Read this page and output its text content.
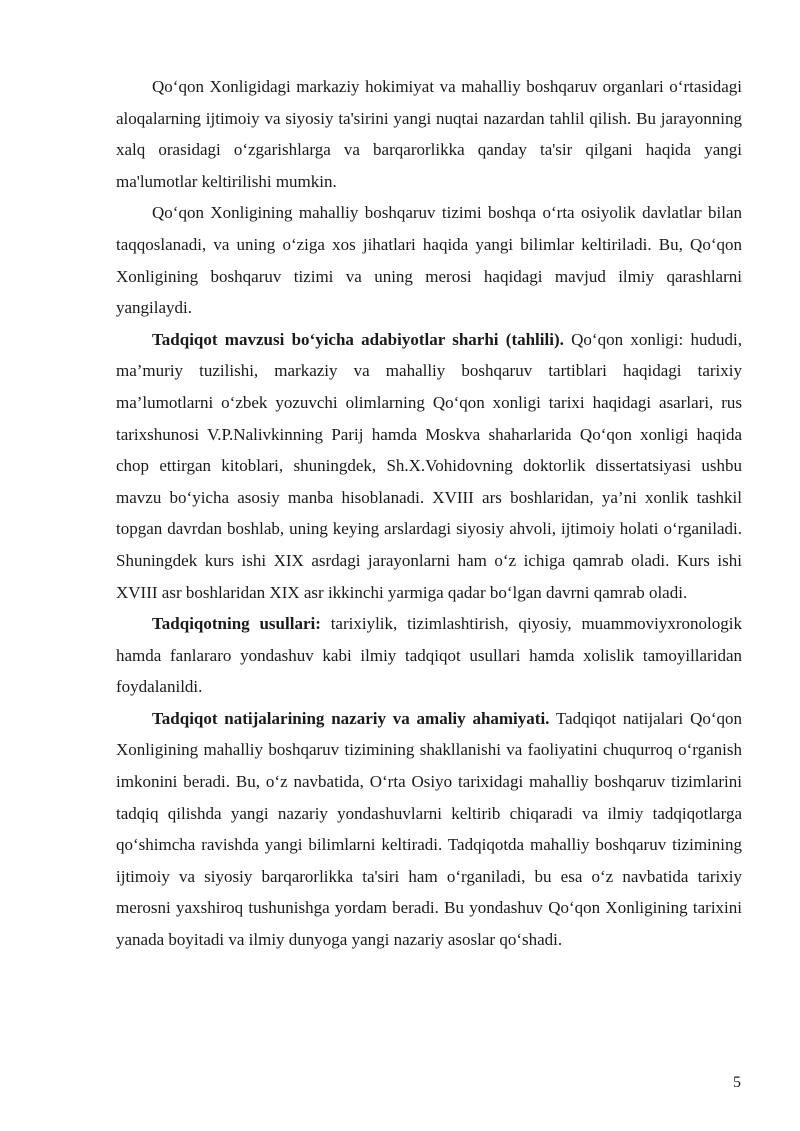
Qo‘qon Xonligidagi markaziy hokimiyat va mahalliy boshqaruv organlari o‘rtasidagi aloqalarning ijtimoiy va siyosiy ta'sirini yangi nuqtai nazardan tahlil qilish. Bu jarayonning xalq orasidagi o‘zgarishlarga va barqarorlikka qanday ta'sir qilgani haqida yangi ma'lumotlar keltirilishi mumkin.

Qo‘qon Xonligining mahalliy boshqaruv tizimi boshqa o‘rta osiyolik davlatlar bilan taqqoslanadi, va uning o‘ziga xos jihatlari haqida yangi bilimlar keltiriladi. Bu, Qo‘qon Xonligining boshqaruv tizimi va uning merosi haqidagi mavjud ilmiy qarashlarni yangilaydi.

Tadqiqot mavzusi bo‘yicha adabiyotlar sharhi (tahlili). Qo‘qon xonligi: hududi, ma’muriy tuzilishi, markaziy va mahalliy boshqaruv tartiblari haqidagi tarixiy ma’lumotlarni o‘zbek yozuvchi olimlarning Qo‘qon xonligi tarixi haqidagi asarlari, rus tarixshunosi V.P.Nalivkinning Parij hamda Moskva shaharlarida Qo‘qon xonligi haqida chop ettirgan kitoblari, shuningdek, Sh.X.Vohidovning doktorlik dissertatsiyasi ushbu mavzu bo‘yicha asosiy manba hisoblanadi. XVIII ars boshlaridan, ya’ni xonlik tashkil topgan davrdan boshlab, uning keying arslardagi siyosiy ahvoli, ijtimoiy holati o‘rganiladi. Shuningdek kurs ishi XIX asrdagi jarayonlarni ham o‘z ichiga qamrab oladi. Kurs ishi XVIII asr boshlaridan XIX asr ikkinchi yarmiga qadar bo‘lgan davrni qamrab oladi.

Tadqiqotning usullari: tarixiylik, tizimlashtirish, qiyosiy, muammoviyxronologik hamda fanlararo yondashuv kabi ilmiy tadqiqot usullari hamda xolislik tamoyillaridan foydalanildi.

Tadqiqot natijalarining nazariy va amaliy ahamiyati. Tadqiqot natijalari Qo‘qon Xonligining mahalliy boshqaruv tizimining shakllanishi va faoliyatini chuqurroq o‘rganish imkonini beradi. Bu, o‘z navbatida, O‘rta Osiyo tarixidagi mahalliy boshqaruv tizimlarini tadqiq qilishda yangi nazariy yondashuvlarni keltirib chiqaradi va ilmiy tadqiqotlarga qo‘shimcha ravishda yangi bilimlarni keltiradi. Tadqiqotda mahalliy boshqaruv tizimining ijtimoiy va siyosiy barqarorlikka ta'siri ham o‘rganiladi, bu esa o‘z navbatida tarixiy merosni yaxshiroq tushunishga yordam beradi. Bu yondashuv Qo‘qon Xonligining tarixini yanada boyitadi va ilmiy dunyoga yangi nazariy asoslar qo‘shadi.

5
